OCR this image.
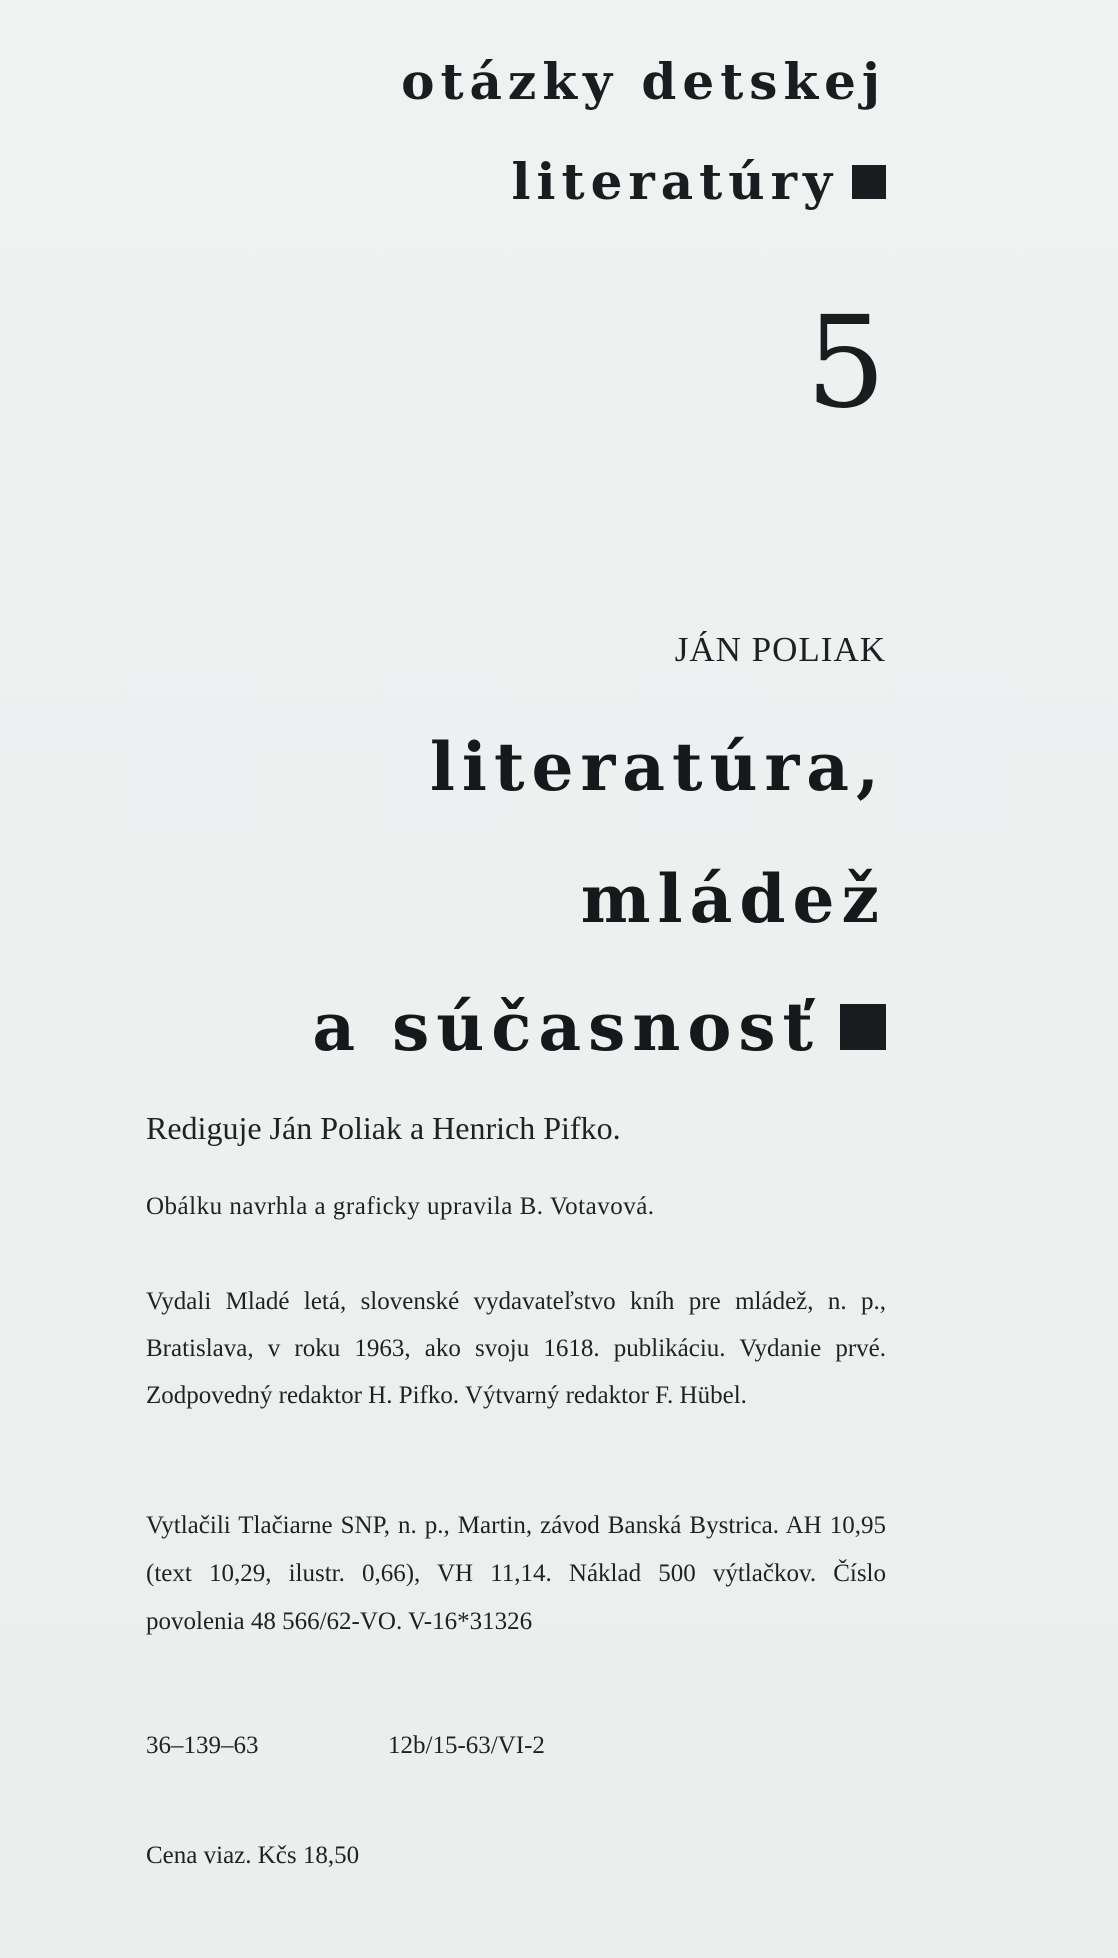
otázky detskej
literatúry
5
JÁN POLIAK
literatúra,
mládež
a súčasnosť
Rediguje Ján Poliak a Henrich Pifko.
Obálku navrhla a graficky upravila B. Votavová.
Vydali Mladé letá, slovenské vydavateľstvo kníh pre mládež, n. p., Bratislava, v roku 1963, ako svoju 1618. publikáciu. Vydanie prvé. Zodpovedný redaktor H. Pifko. Výtvarný redaktor F. Hübel.
Vytlačili Tlačiarne SNP, n. p., Martin, závod Banská Bystrica. AH 10,95 (text 10,29, ilustr. 0,66), VH 11,14. Náklad 500 výtlačkov. Číslo povolenia 48 566/62-VO. V-16*31326
36–139–63	12b/15-63/VI-2
Cena viaz. Kčs 18,50
